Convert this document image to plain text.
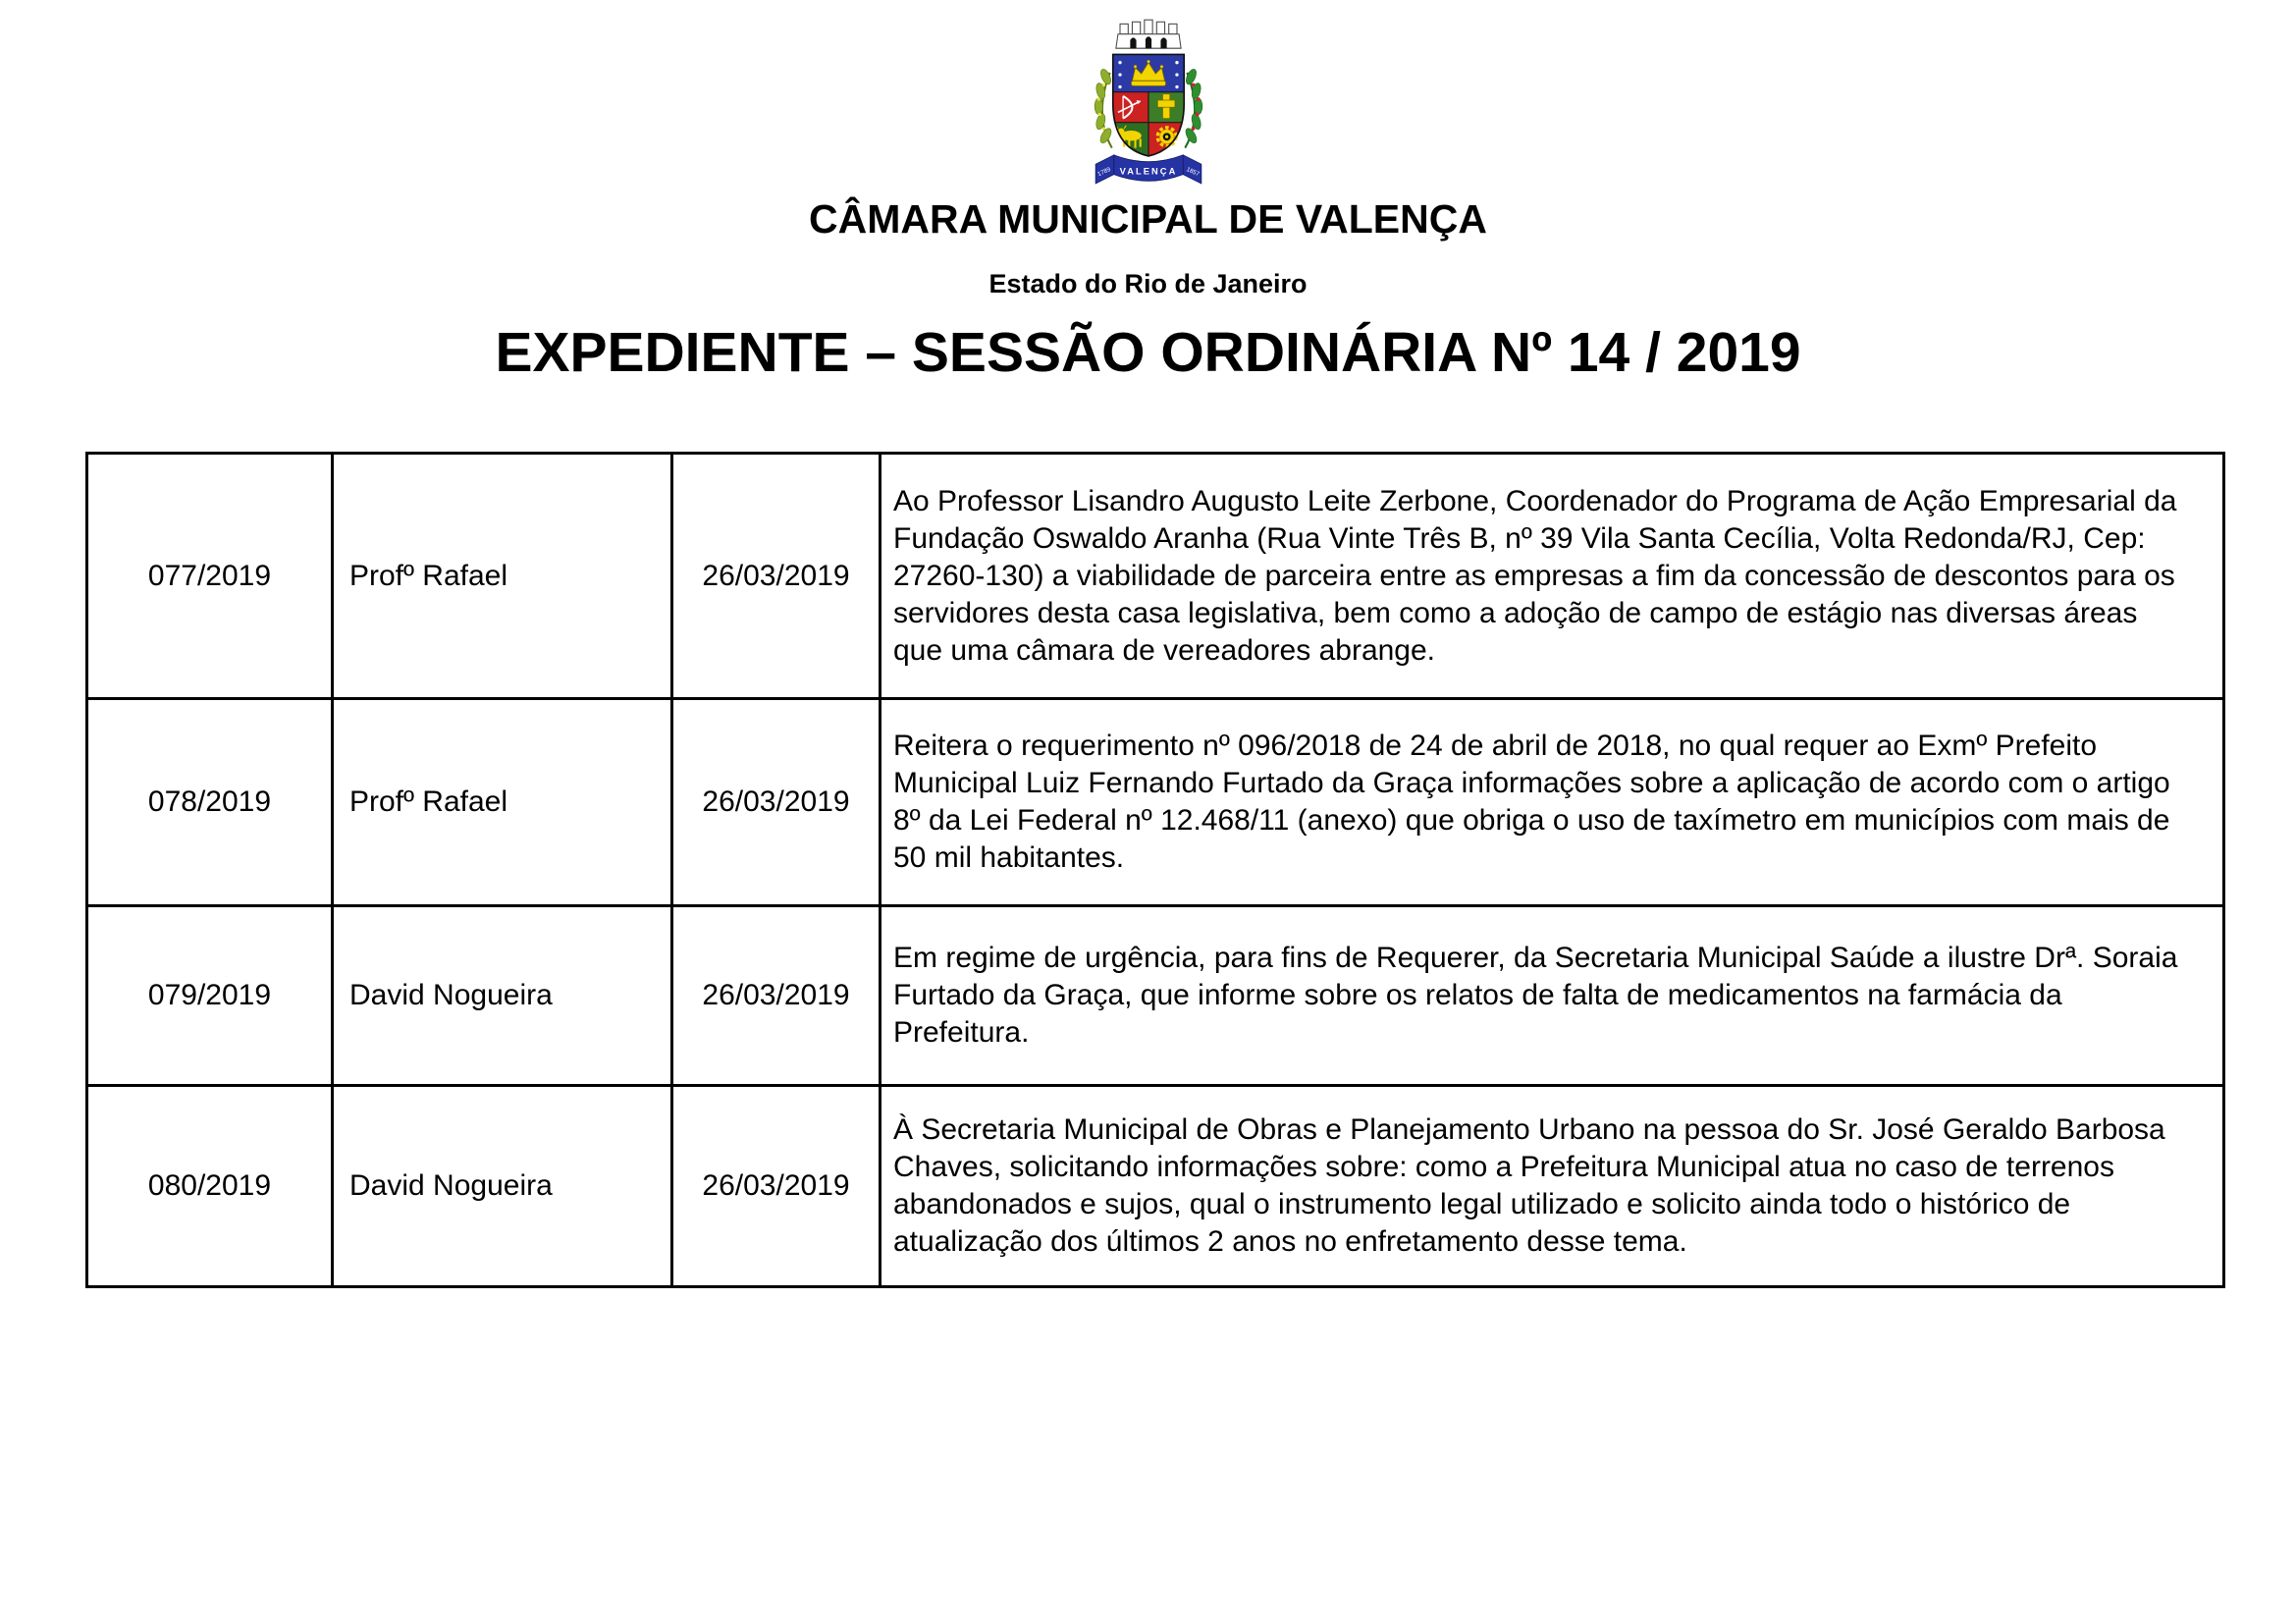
1789 VALENÇA 1857
CÂMARA MUNICIPAL DE VALENÇA
Estado do Rio de Janeiro
EXPEDIENTE – SESSÃO ORDINÁRIA Nº 14 / 2019
077/2019	Profº Rafael	26/03/2019	Ao Professor Lisandro Augusto Leite Zerbone, Coordenador do Programa de Ação Empresarial da Fundação Oswaldo Aranha (Rua Vinte Três B, nº 39 Vila Santa Cecília, Volta Redonda/RJ, Cep: 27260-130) a viabilidade de parceira entre as empresas a fim da concessão de descontos para os servidores desta casa legislativa, bem como a adoção de campo de estágio nas diversas áreas que uma câmara de vereadores abrange.
078/2019	Profº Rafael	26/03/2019	Reitera o requerimento nº 096/2018 de 24 de abril de 2018, no qual requer ao Exmº Prefeito Municipal Luiz Fernando Furtado da Graça informações sobre a aplicação de acordo com o artigo 8º da Lei Federal nº 12.468/11 (anexo) que obriga o uso de taxímetro em municípios com mais de 50 mil habitantes.
079/2019	David Nogueira	26/03/2019	Em regime de urgência, para fins de Requerer, da Secretaria Municipal Saúde a ilustre Drª. Soraia Furtado da Graça, que informe sobre os relatos de falta de medicamentos na farmácia da Prefeitura.
080/2019	David Nogueira	26/03/2019	À Secretaria Municipal de Obras e Planejamento Urbano na pessoa do Sr. José Geraldo Barbosa Chaves, solicitando informações sobre: como a Prefeitura Municipal atua no caso de terrenos abandonados e sujos, qual o instrumento legal utilizado e solicito ainda todo o histórico de atualização dos últimos 2 anos no enfretamento desse tema.
